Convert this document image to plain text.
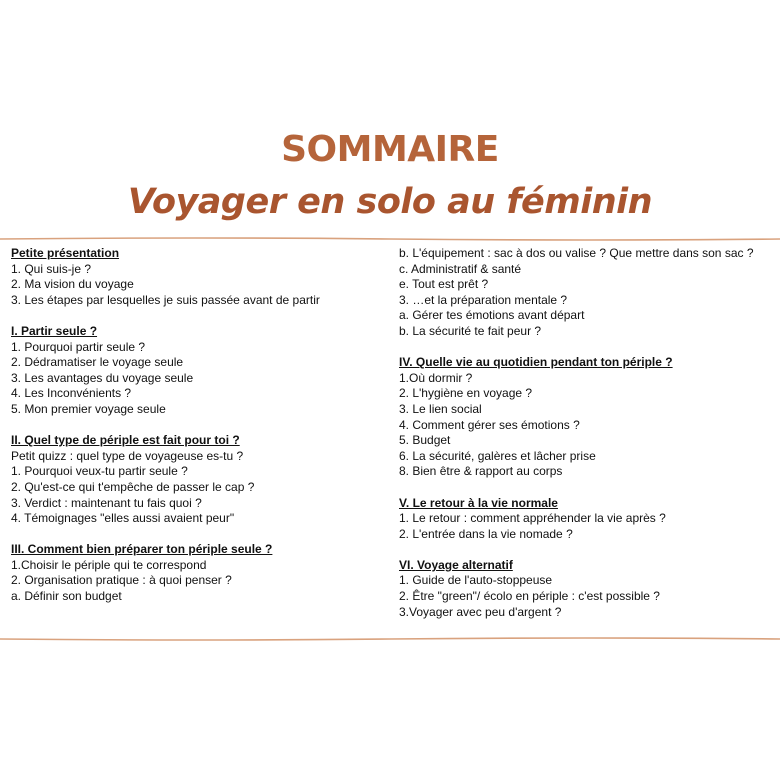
SOMMAIRE
Voyager en solo au féminin
Petite présentation
1. Qui suis-je ?
2. Ma vision du voyage
3. Les étapes par lesquelles je suis passée avant de partir
I. Partir seule ?
1. Pourquoi partir seule ?
2. Dédramatiser le voyage seule
3. Les avantages du voyage seule
4. Les Inconvénients ?
5. Mon premier voyage seule
II. Quel type de périple est fait pour toi ?
Petit quizz : quel type de voyageuse es-tu ?
1. Pourquoi veux-tu partir seule ?
2. Qu'est-ce qui t'empêche de passer le cap ?
3. Verdict : maintenant tu fais quoi ?
4. Témoignages "elles aussi avaient peur"
III. Comment bien préparer ton périple seule ?
1.Choisir le périple qui te correspond
2. Organisation pratique : à quoi penser ?
a. Définir son budget
b. L'équipement : sac à dos ou valise ? Que mettre dans son sac ?
c. Administratif & santé
e. Tout est prêt ?
3. …et la préparation mentale ?
a. Gérer tes émotions avant départ
b. La sécurité te fait peur ?
IV. Quelle vie au quotidien pendant ton périple ?
1.Où dormir ?
2. L'hygiène en voyage ?
3. Le lien social
4. Comment gérer ses émotions ?
5. Budget
6. La sécurité, galères et lâcher prise
8. Bien être & rapport au corps
V. Le retour à la vie normale
1. Le retour : comment appréhender la vie après ?
2. L'entrée dans la vie nomade ?
VI. Voyage alternatif
1. Guide de l'auto-stoppeuse
2. Être "green"/ écolo en périple : c'est possible ?
3.Voyager avec peu d'argent ?
